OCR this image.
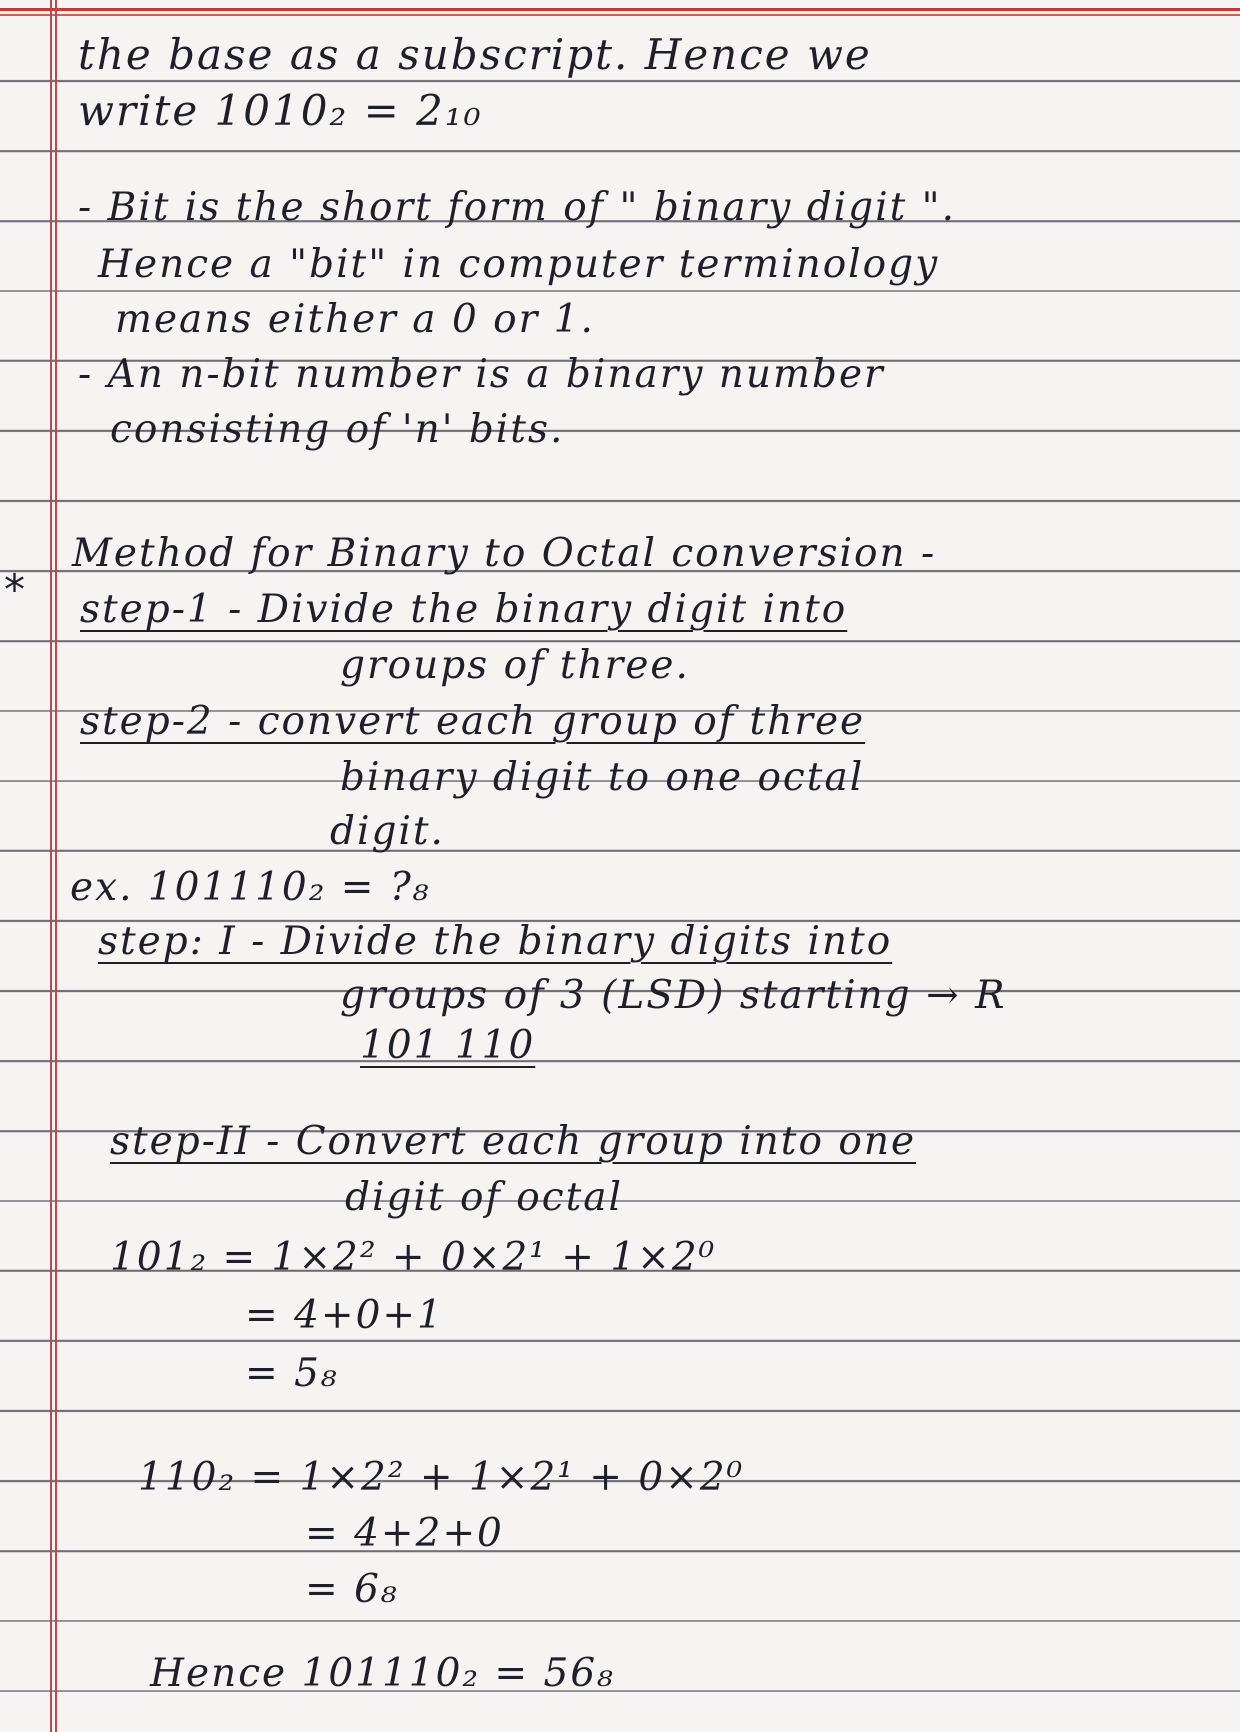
*
the base as a subscript. Hence we
write 1010₂ = 2₁₀
- Bit is the short form of " binary digit ".
Hence a "bit" in computer terminology
means either a 0 or 1.
- An n-bit number is a binary number
consisting of 'n' bits.
Method for Binary to Octal conversion -
step-1 - Divide the binary digit into
groups of three.
step-2 - convert each group of three
binary digit to one octal
digit.
ex. 101110₂ = ?₈
step: I - Divide the binary digits into
groups of 3 (LSD) starting → R
101 110
step-II - Convert each group into one
digit of octal
101₂ = 1×2² + 0×2¹ + 1×2⁰
= 4+0+1
= 5₈
110₂ = 1×2² + 1×2¹ + 0×2⁰
= 4+2+0
= 6₈
Hence 101110₂ = 56₈
